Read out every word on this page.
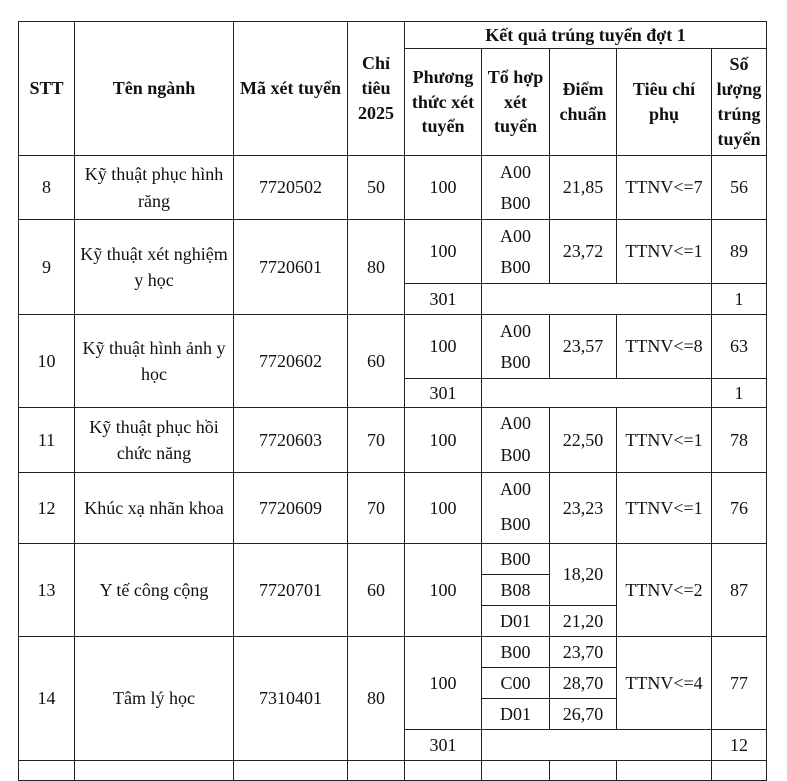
STT	Tên ngành	Mã xét tuyển	Chỉ tiêu 2025	Kết quả trúng tuyển đợt 1				
				Phương thức xét tuyển	Tổ hợp xét tuyển	Điểm chuẩn	Tiêu chí phụ	Số lượng trúng tuyển
8	Kỹ thuật phục hình răng	7720502	50	100	A00	21,85	TTNV<=7	56
					B00			
9	Kỹ thuật xét nghiệm y học	7720601	80	100	A00	23,72	TTNV<=1	89
					B00			
				301				1
10	Kỹ thuật hình ảnh y học	7720602	60	100	A00	23,57	TTNV<=8	63
					B00			
				301				1
11	Kỹ thuật phục hồi chức năng	7720603	70	100	A00	22,50	TTNV<=1	78
					B00			
12	Khúc xạ nhãn khoa	7720609	70	100	A00	23,23	TTNV<=1	76
					B00			
13	Y tế công cộng	7720701	60	100	B00	18,20	TTNV<=2	87
					B08			
					D01	21,20		
14	Tâm lý học	7310401	80	100	B00	23,70	TTNV<=4	77
					C00	28,70		
					D01	26,70		
				301				12
